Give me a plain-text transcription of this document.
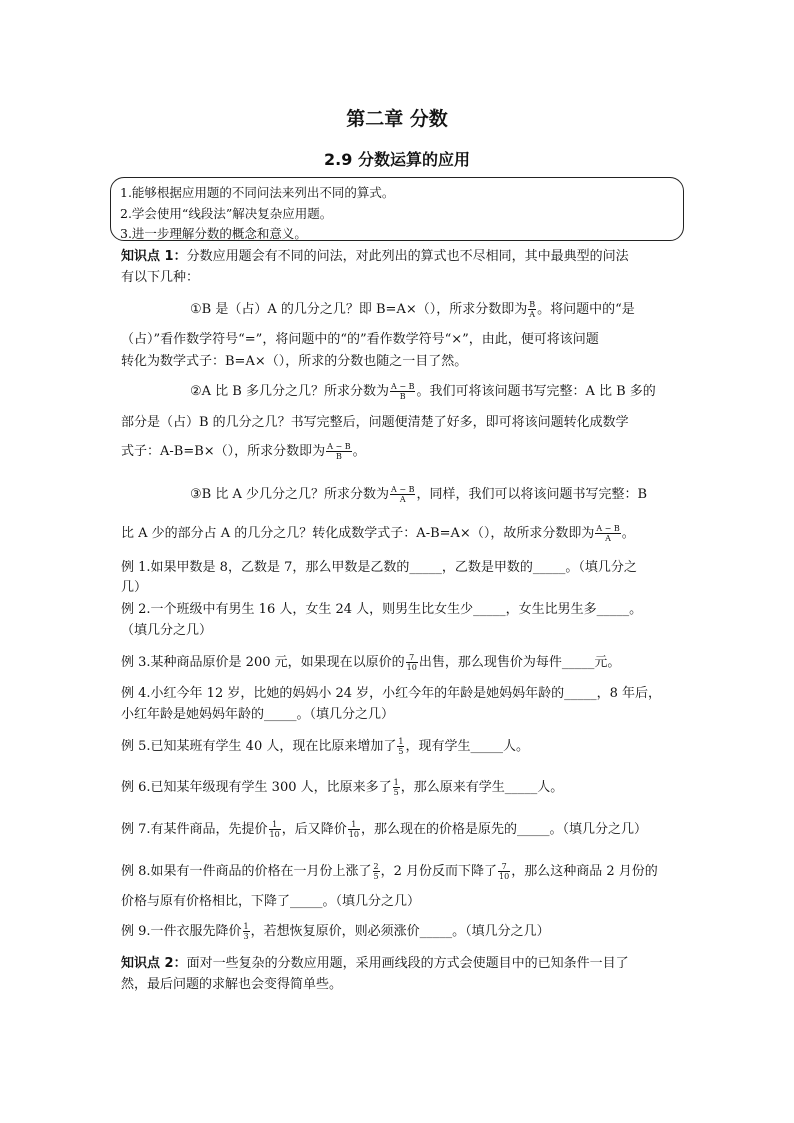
第二章 分数
2.9 分数运算的应用
1.能够根据应用题的不同问法来列出不同的算式。
2.学会使用“线段法”解决复杂应用题。
3.进一步理解分数的概念和意义。
知识点 1：分数应用题会有不同的问法，对此列出的算式也不尽相同，其中最典型的问法
有以下几种：
①B 是（占）A 的几分之几？即 B=A×（），所求分数即为 $\frac{B}{A}$ 。将问题中的“是
（占）”看作数学符号“=”，将问题中的“的”看作数学符号“×”，由此，便可将该问题
转化为数学式子：B=A×（），所求的分数也随之一目了然。
②A 比 B 多几分之几？所求分数为 $\frac{A - B}{B}$ 。我们可将该问题书写完整：A 比 B 多的
部分是（占）B 的几分之几？书写完整后，问题便清楚了好多，即可将该问题转化成数学
式子：A-B=B×（），所求分数即为 $\frac{A - B}{B}$ 。
③B 比 A 少几分之几？所求分数为 $\frac{A - B}{A}$ ，同样，我们可以将该问题书写完整：B
比 A 少的部分占 A 的几分之几？转化成数学式子：A-B=A×（），故所求分数即为 $\frac{A - B}{A}$ 。
例 1.如果甲数是 8，乙数是 7，那么甲数是乙数的_____，乙数是甲数的_____。（填几分之
几）
例 2.一个班级中有男生 16 人，女生 24 人，则男生比女生少_____，女生比男生多_____。
（填几分之几）
例 3.某种商品原价是 200 元，如果现在以原价的 $\frac{7}{10}$ 出售，那么现售价为每件_____元。
例 4.小红今年 12 岁，比她的妈妈小 24 岁，小红今年的年龄是她妈妈年龄的_____，8 年后，
小红年龄是她妈妈年龄的_____。（填几分之几）
例 5.已知某班有学生 40 人，现在比原来增加了 $\frac{1}{5}$ ，现有学生_____人。
例 6.已知某年级现有学生 300 人，比原来多了 $\frac{1}{5}$ ，那么原来有学生_____人。
例 7.有某件商品，先提价 $\frac{1}{10}$ ，后又降价 $\frac{1}{10}$ ，那么现在的价格是原先的_____。（填几分之几）
例 8.如果有一件商品的价格在一月份上涨了 $\frac{2}{5}$ ，2 月份反而下降了 $\frac{7}{10}$ ，那么这种商品 2 月份的
价格与原有价格相比，下降了_____。（填几分之几）
例 9.一件衣服先降价 $\frac{1}{3}$ ，若想恢复原价，则必须涨价_____。（填几分之几）
知识点 2：面对一些复杂的分数应用题，采用画线段的方式会使题目中的已知条件一目了
然，最后问题的求解也会变得简单些。
